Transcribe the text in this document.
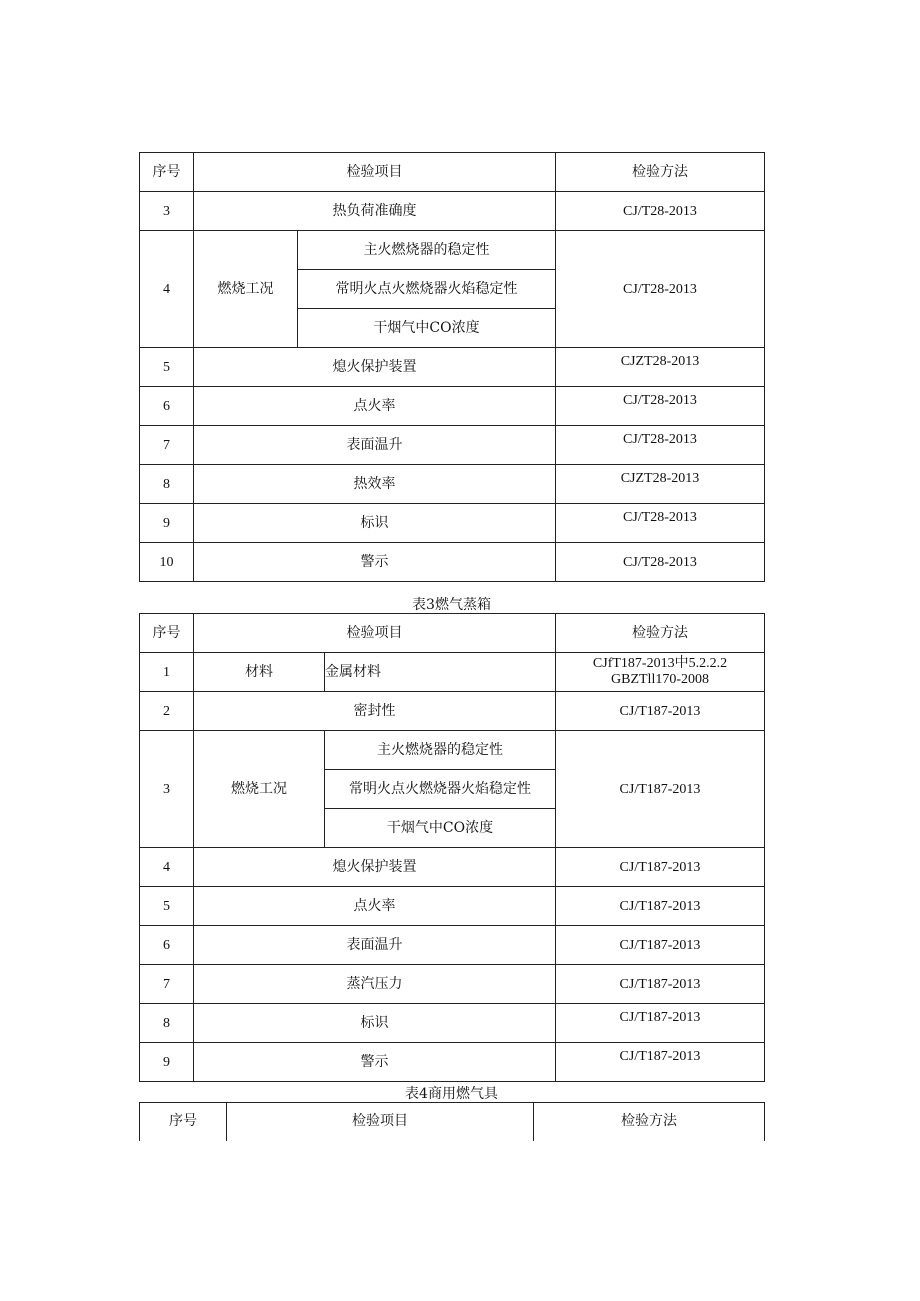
序号	检验项目		检验方法
3	热负荷准确度		CJ/T28-2013
4	燃烧工况	主火燃烧器的稳定性	CJ/T28-2013
		常明火点火燃烧器火焰稳定性	
		干烟气中CO浓度	
5	熄火保护装置		CJZT28-2013
6	点火率		CJ/T28-2013
7	表面温升		CJ/T28-2013
8	热效率		CJZT28-2013
9	标识		CJ/T28-2013
10	警示		CJ/T28-2013
表3燃气蒸箱
序号	检验项目		检验方法
1	材料	金属材料	CJfT187-2013中5.2.2.2
GBZTll170-2008

2	密封性		CJ/T187-2013
3	燃烧工况	主火燃烧器的稳定性	CJ/T187-2013
		常明火点火燃烧器火焰稳定性	
		干烟气中CO浓度	
4	熄火保护装置		CJ/T187-2013
5	点火率		CJ/T187-2013
6	表面温升		CJ/T187-2013
7	蒸汽压力		CJ/T187-2013
8	标识		CJ/T187-2013
9	警示		CJ/T187-2013
表4商用燃气具
序号	检验项目	检验方法
